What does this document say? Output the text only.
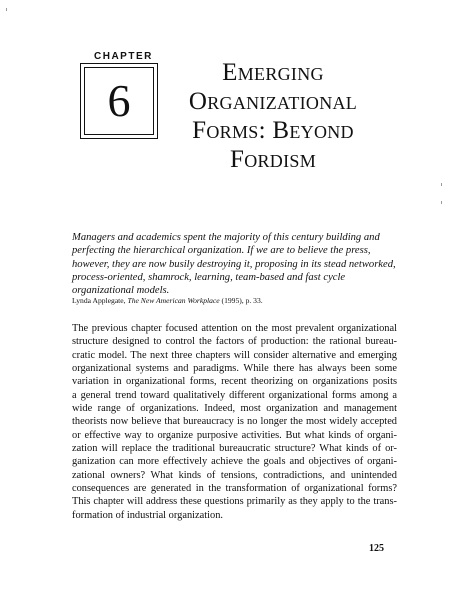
CHAPTER
6
Emerging
Organizational
Forms: Beyond
Fordism
Managers and academics spent the majority of this century building and
perfecting the hierarchical organization. If we are to believe the press,
however, they are now busily destroying it, proposing in its stead networked,
process-oriented, shamrock, learning, team-based and fast cycle
organizational models.
Lynda Applegate, The New American Workplace (1995), p. 33.
The previous chapter focused attention on the most prevalent organizational
structure designed to control the factors of production: the rational bureau-
cratic model. The next three chapters will consider alternative and emerging
organizational systems and paradigms. While there has always been some
variation in organizational forms, recent theorizing on organizations posits
a general trend toward qualitatively different organizational forms among a
wide range of organizations. Indeed, most organization and management
theorists now believe that bureaucracy is no longer the most widely accepted
or effective way to organize purposive activities. But what kinds of organi-
zation will replace the traditional bureaucratic structure? What kinds of or-
ganization can more effectively achieve the goals and objectives of organi-
zational owners? What kinds of tensions, contradictions, and unintended
consequences are generated in the transformation of organizational forms?
This chapter will address these questions primarily as they apply to the trans-
formation of industrial organization.
125
